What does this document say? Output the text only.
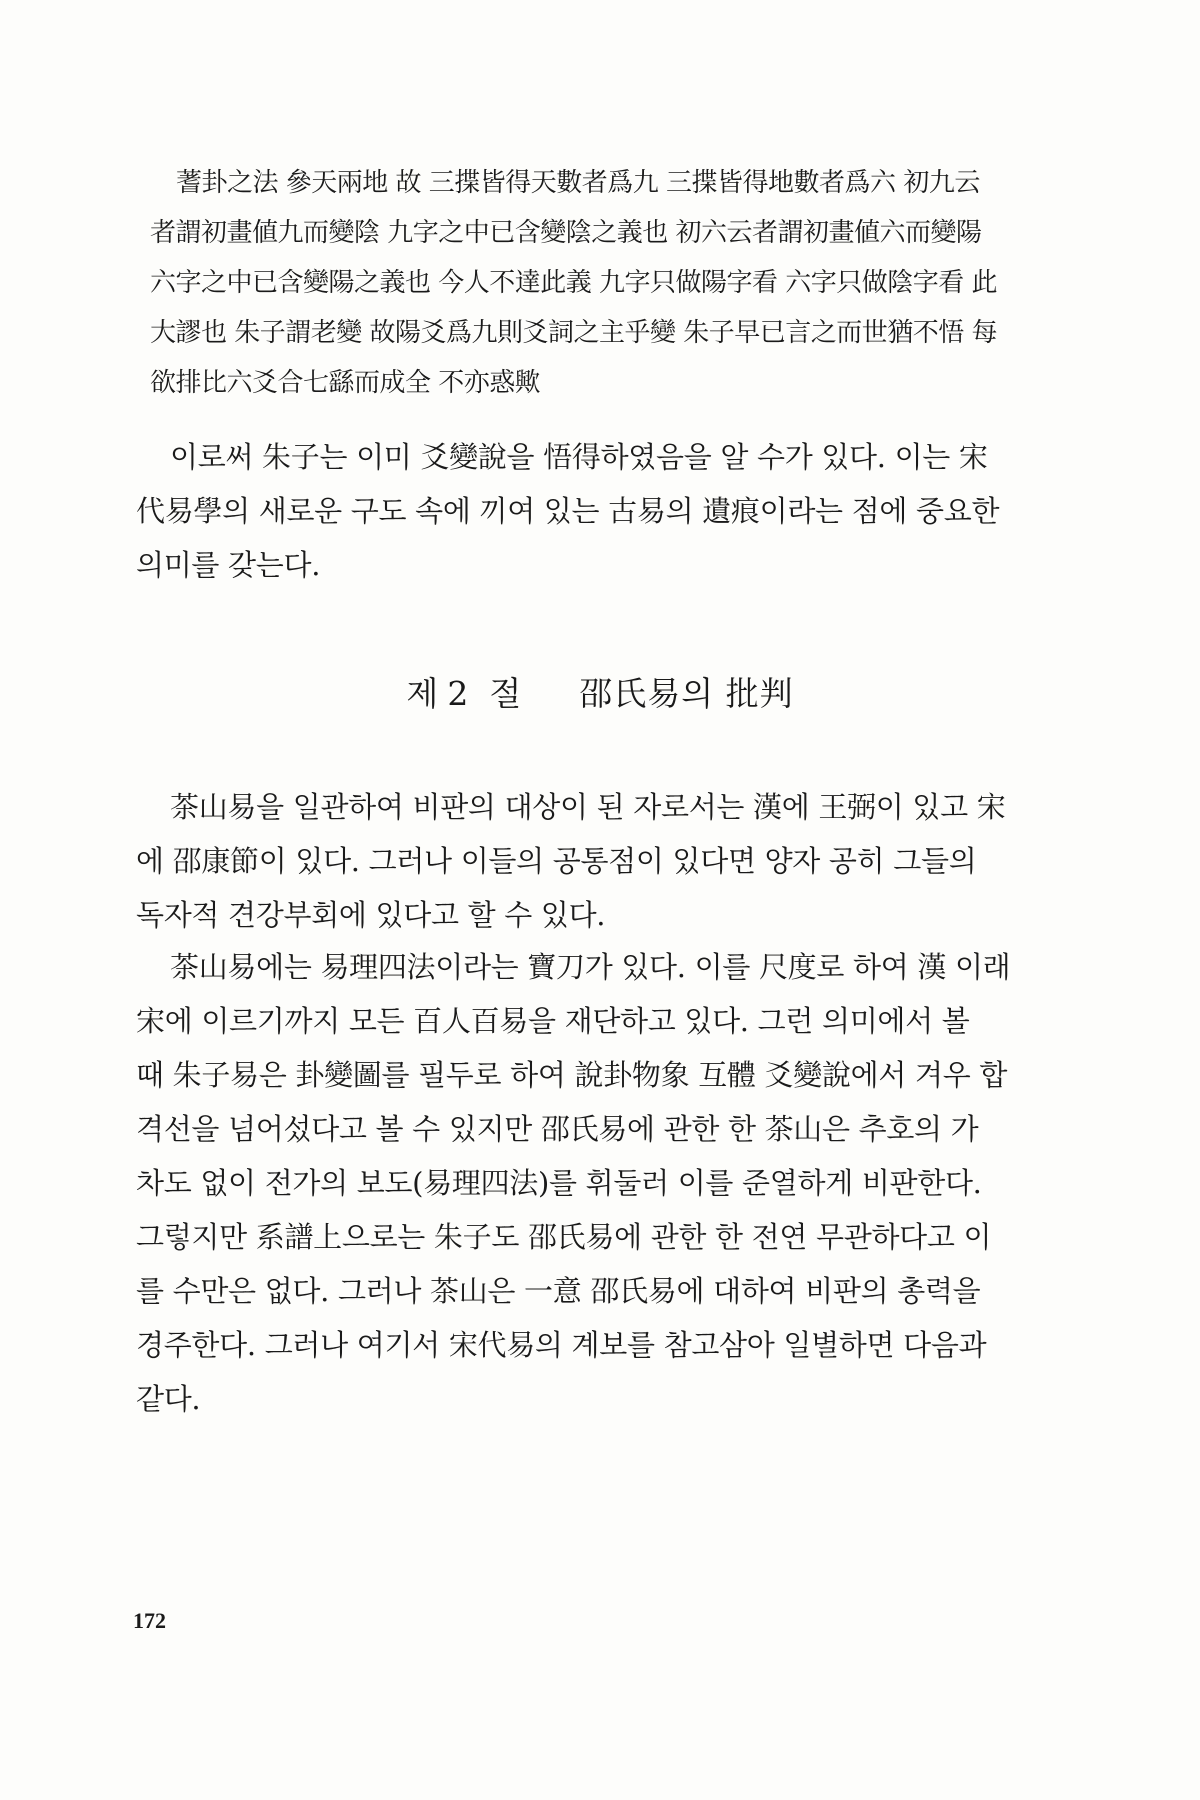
蓍卦之法 參天兩地 故 三揲皆得天數者爲九 三揲皆得地數者爲六 初九云
者謂初畫値九而變陰 九字之中已含變陰之義也 初六云者謂初畫値六而變陽
六字之中已含變陽之義也 今人不達此義 九字只做陽字看 六字只做陰字看 此
大謬也 朱子謂老變 故陽爻爲九則爻詞之主乎變 朱子早已言之而世猶不悟 每
欲排比六爻合七繇而成全 不亦惑歟
이로써 朱子는 이미 爻變說을 悟得하였음을 알 수가 있다. 이는 宋
代易學의 새로운 구도 속에 끼여 있는 古易의 遺痕이라는 점에 중요한
의미를 갖는다.
제 2 절 邵氏易의 批判
茶山易을 일관하여 비판의 대상이 된 자로서는 漢에 王弼이 있고 宋
에 邵康節이 있다. 그러나 이들의 공통점이 있다면 양자 공히 그들의
독자적 견강부회에 있다고 할 수 있다.
茶山易에는 易理四法이라는 寶刀가 있다. 이를 尺度로 하여 漢 이래
宋에 이르기까지 모든 百人百易을 재단하고 있다. 그런 의미에서 볼
때 朱子易은 卦變圖를 필두로 하여 說卦物象 互體 爻變說에서 겨우 합
격선을 넘어섰다고 볼 수 있지만 邵氏易에 관한 한 茶山은 추호의 가
차도 없이 전가의 보도(易理四法)를 휘둘러 이를 준열하게 비판한다.
그렇지만 系譜上으로는 朱子도 邵氏易에 관한 한 전연 무관하다고 이
를 수만은 없다. 그러나 茶山은 一意 邵氏易에 대하여 비판의 총력을
경주한다. 그러나 여기서 宋代易의 계보를 참고삼아 일별하면 다음과
같다.
172
